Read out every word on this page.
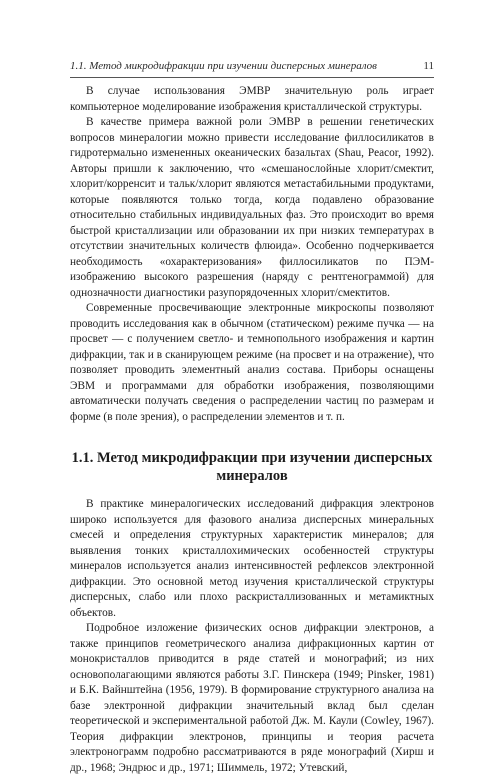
1.1. Метод микродифракции при изучении дисперсных минералов	11

В случае использования ЭМВР значительную роль играет компьютерное моделирование изображения кристаллической структуры.

В качестве примера важной роли ЭМВР в решении генетических вопросов минералогии можно привести исследование филлосиликатов в гидротермально измененных океанических базальтах (Shau, Peacor, 1992). Авторы пришли к заключению, что «смешанослойные хлорит/смектит, хлорит/корренсит и тальк/хлорит являются метастабильными продуктами, которые появляются только тогда, когда подавлено образование относительно стабильных индивидуальных фаз. Это происходит во время быстрой кристаллизации или образовании их при низких температурах в отсутствии значительных количеств флюида». Особенно подчеркивается необходимость «охарактеризования» филлосиликатов по ПЭМ-изображению высокого разрешения (наряду с рентгенограммой) для однозначности диагностики разупорядоченных хлорит/смектитов.

Современные просвечивающие электронные микроскопы позволяют проводить исследования как в обычном (статическом) режиме пучка — на просвет — с получением светло- и темнопольного изображения и картин дифракции, так и в сканирующем режиме (на просвет и на отражение), что позволяет проводить элементный анализ состава. Приборы оснащены ЭВМ и программами для обработки изображения, позволяющими автоматически получать сведения о распределении частиц по размерам и форме (в поле зрения), о распределении элементов и т. п.

1.1. Метод микродифракции при изучении дисперсных минералов

В практике минералогических исследований дифракция электронов широко используется для фазового анализа дисперсных минеральных смесей и определения структурных характеристик минералов; для выявления тонких кристаллохимических особенностей структуры минералов используется анализ интенсивностей рефлексов электронной дифракции. Это основной метод изучения кристаллической структуры дисперсных, слабо или плохо раскристаллизованных и метамиктных объектов.

Подробное изложение физических основ дифракции электронов, а также принципов геометрического анализа дифракционных картин от монокристаллов приводится в ряде статей и монографий; из них основополагающими являются работы З.Г. Пинскера (1949; Pinsker, 1981) и Б.К. Вайнштейна (1956, 1979). В формирование структурного анализа на базе электронной дифракции значительный вклад был сделан теоретической и экспериментальной работой Дж. М. Каули (Cowley, 1967). Теория дифракции электронов, принципы и теория расчета электронограмм подробно рассматриваются в ряде монографий (Хирш и др., 1968; Эндрюс и др., 1971; Шиммель, 1972; Утевский,
